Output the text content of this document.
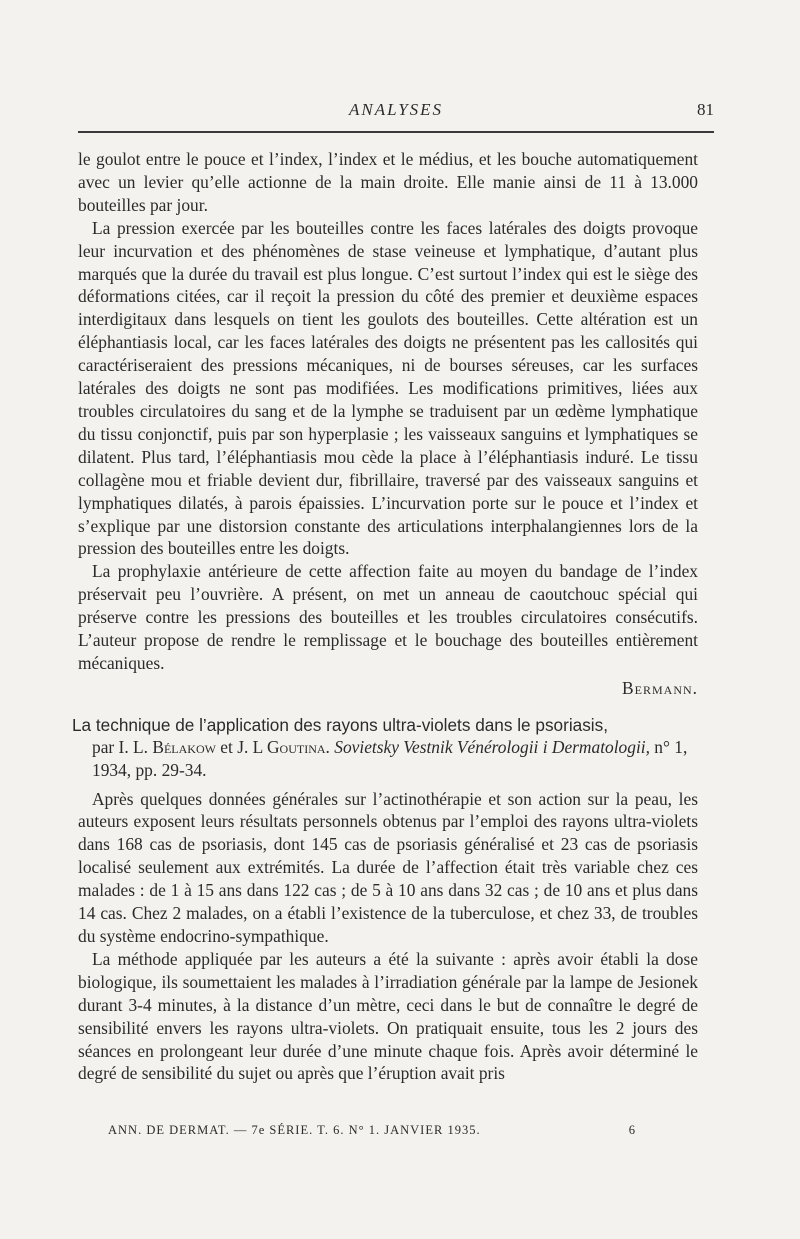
ANALYSES	81

le goulot entre le pouce et l’index, l’index et le médius, et les bouche automatiquement avec un levier qu’elle actionne de la main droite. Elle manie ainsi de 11 à 13.000 bouteilles par jour.

La pression exercée par les bouteilles contre les faces latérales des doigts provoque leur incurvation et des phénomènes de stase veineuse et lymphatique, d’autant plus marqués que la durée du travail est plus longue. C’est surtout l’index qui est le siège des déformations citées, car il reçoit la pression du côté des premier et deuxième espaces interdigitaux dans lesquels on tient les goulots des bouteilles. Cette altération est un éléphantiasis local, car les faces latérales des doigts ne présentent pas les callosités qui caractériseraient des pressions mécaniques, ni de bourses séreuses, car les surfaces latérales des doigts ne sont pas modifiées. Les modifications primitives, liées aux troubles circulatoires du sang et de la lymphe se traduisent par un œdème lymphatique du tissu conjonctif, puis par son hyperplasie ; les vaisseaux sanguins et lymphatiques se dilatent. Plus tard, l’éléphantiasis mou cède la place à l’éléphantiasis induré. Le tissu collagène mou et friable devient dur, fibrillaire, traversé par des vaisseaux sanguins et lymphatiques dilatés, à parois épaissies. L’incurvation porte sur le pouce et l’index et s’explique par une distorsion constante des articulations interphalangiennes lors de la pression des bouteilles entre les doigts.

La prophylaxie antérieure de cette affection faite au moyen du bandage de l’index préservait peu l’ouvrière. A présent, on met un anneau de caoutchouc spécial qui préserve contre les pressions des bouteilles et les troubles circulatoires consécutifs. L’auteur propose de rendre le remplissage et le bouchage des bouteilles entièrement mécaniques.

Bermann.
La technique de l’application des rayons ultra-violets dans le psoriasis,
par I. L. Bélakow et J. L Goutina. Sovietsky Vestnik Vénérologii i Dermatologii, n° 1, 1934, pp. 29-34.

Après quelques données générales sur l’actinothérapie et son action sur la peau, les auteurs exposent leurs résultats personnels obtenus par l’emploi des rayons ultra-violets dans 168 cas de psoriasis, dont 145 cas de psoriasis généralisé et 23 cas de psoriasis localisé seulement aux extrémités. La durée de l’affection était très variable chez ces malades : de 1 à 15 ans dans 122 cas ; de 5 à 10 ans dans 32 cas ; de 10 ans et plus dans 14 cas. Chez 2 malades, on a établi l’existence de la tuberculose, et chez 33, de troubles du système endocrino-sympathique.

La méthode appliquée par les auteurs a été la suivante : après avoir établi la dose biologique, ils soumettaient les malades à l’irradiation générale par la lampe de Jesionek durant 3-4 minutes, à la distance d’un mètre, ceci dans le but de connaître le degré de sensibilité envers les rayons ultra-violets. On pratiquait ensuite, tous les 2 jours des séances en prolongeant leur durée d’une minute chaque fois. Après avoir déterminé le degré de sensibilité du sujet ou après que l’éruption avait pris

ANN. DE DERMAT. — 7e SÉRIE. T. 6. N° 1. JANVIER 1935.	6
